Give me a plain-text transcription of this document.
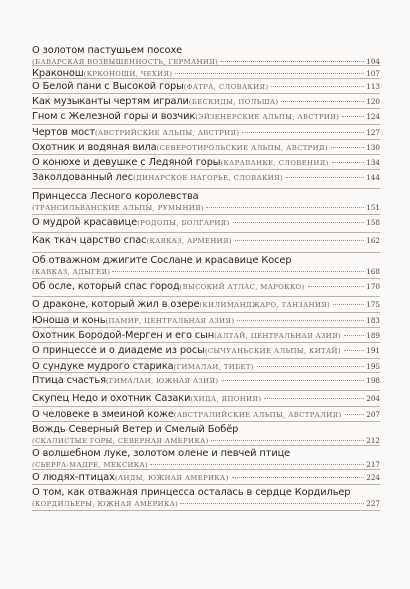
О золотом пастушьем посохе
(БАВАРСКАЯ ВОЗВЫШЕННОСТЬ, ГЕРМАНИЯ)	104
Краконош (КРКОНОШИ, ЧЕХИЯ)	107
О Белой пани с Высокой горы (ФАТРА, СЛОВАКИЯ)	113
Как музыканты чертям играли (БЕСКИДЫ, ПОЛЬША)	120
Гном с Железной горы и возчик (ЭЙЗЕНЕРСКИЕ АЛЬПЫ, АВСТРИЯ)	124
Чертов мост (АВСТРИЙСКИЕ АЛЬПЫ, АВСТРИЯ)	127
Охотник и водяная вила (СЕВЕРОТИРОЛЬСКИЕ АЛЬПЫ, АВСТРИЯ)	130
О конюхе и девушке с Ледяной горы (КАРАВАНКЕ, СЛОВЕНИЯ)	134
Заколдованный лес (ДИНАРСКОЕ НАГОРЬЕ, СЛОВАКИЯ)	144
Принцесса Лесного королевства
(ТРАНСИЛЬВАНСКИЕ АЛЬПЫ, РУМЫНИЯ)	151
О мудрой красавице (РОДОПЫ, БОЛГАРИЯ)	158
Как ткач царство спас (КАВКАЗ, АРМЕНИЯ)	162
Об отважном джигите Сослане и красавице Косер
(КАВКАЗ, АДЫГЕЯ)	168
Об осле, который спас город (ВЫСОКИЙ АТЛАС, МАРОККО)	170
О драконе, который жил в озере (КИЛИМАНДЖАРО, ТАНЗАНИЯ)	175
Юноша и конь (ПАМИР, ЦЕНТРАЛЬНАЯ АЗИЯ)	183
Охотник Бородой-Мерген и его сын (АЛТАЙ, ЦЕНТРАЛЬНАЯ АЗИЯ)	189
О принцессе и о диадеме из росы (СЫЧУАНЬСКИЕ АЛЬПЫ, КИТАЙ)	191
О сундуке мудрого старика (ГИМАЛАИ, ТИБЕТ)	195
Птица счастья (ГИМАЛАИ, ЮЖНАЯ АЗИЯ)	198
Скупец Недо и охотник Сазаки (ХИДА, ЯПОНИЯ)	204
О человеке в змеиной коже (АВСТРАЛИЙСКИЕ АЛЬПЫ, АВСТРАЛИЯ)	207
Вождь Северный Ветер и Смелый Бобёр
(СКАЛИСТЫЕ ГОРЫ, СЕВЕРНАЯ АМЕРИКА)	212
О волшебном луке, золотом олене и певчей птице
(СЬЕРРА-МАДРЕ, МЕКСИКА)	217
О людях-птицах (АНДЫ, ЮЖНАЯ АМЕРИКА)	224
О том, как отважная принцесса осталась в сердце Кордильер
(КОРДИЛЬЕРЫ, ЮЖНАЯ АМЕРИКА)	227
